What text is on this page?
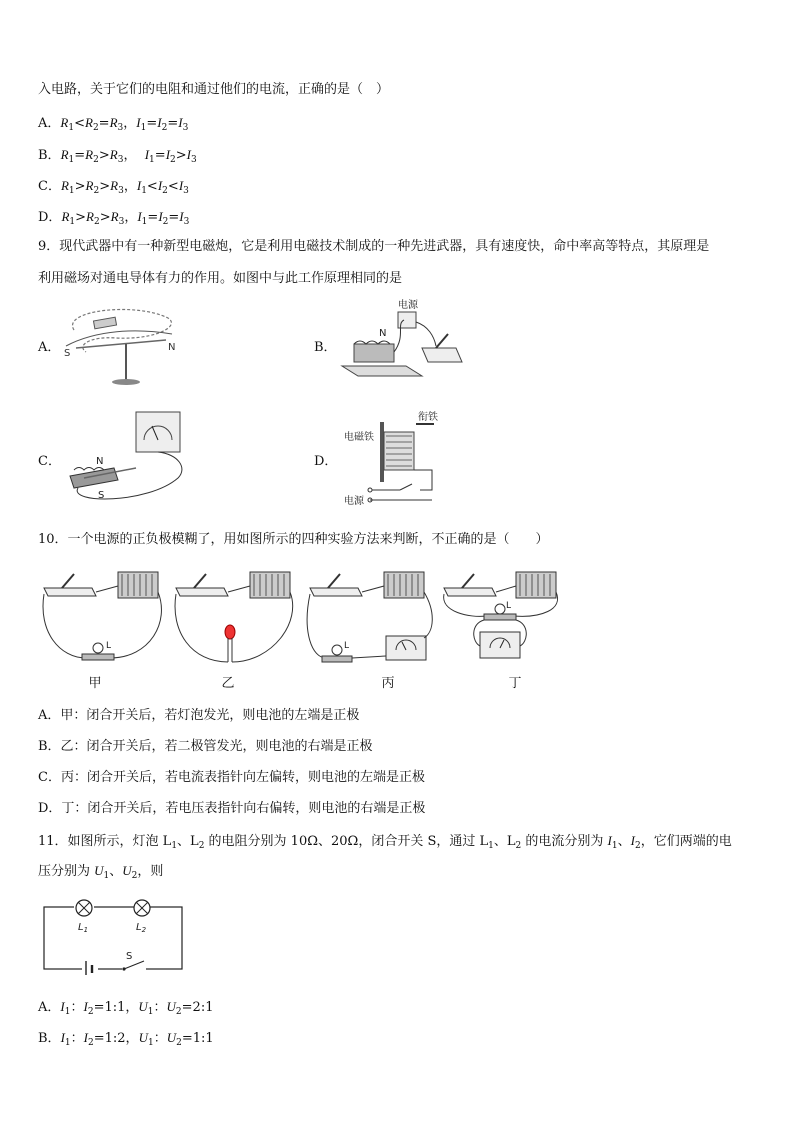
入电路，关于它们的电阻和通过他们的电流，正确的是（　）
A．$R_1<R_2=R_3$，$I_1=I_2=I_3$
B．$R_1=R_2>R_3$，  $I_1=I_2>I_3$
C．$R_1>R_2>R_3$，$I_1<I_2<I_3$
D．$R_1>R_2>R_3$，$I_1=I_2=I_3$
9．现代武器中有一种新型电磁炮，它是利用电磁技术制成的一种先进武器，具有速度快，命中率高等特点，其原理是
利用磁场对通电导体有力的作用。如图中与此工作原理相同的是
A． S
N	B．
N
电源
C．	N
S
D．
电磁铁
衔铁
电源
10．一个电源的正负极模糊了，用如图所示的四种实验方法来判断，不正确的是（　　）
L
甲	乙
L
丙
L
丁
A．甲：闭合开关后，若灯泡发光，则电池的左端是正极
B．乙：闭合开关后，若二极管发光，则电池的右端是正极
C．丙：闭合开关后，若电流表指针向左偏转，则电池的左端是正极
D．丁：闭合开关后，若电压表指针向右偏转，则电池的右端是正极
11．如图所示，灯泡 $L_1$、$L_2$ 的电阻分别为 10Ω、20Ω，闭合开关 S，通过 $L_1$、$L_2$ 的电流分别为 $I_1$、$I_2$，它们两端的电
压分别为 $U_1$、$U_2$，则
$L_1$	$L_2$
S
A．$I_1$：$I_2=1:1$，$U_1$：$U_2=2:1$
B．$I_1$：$I_2=1:2$，$U_1$：$U_2=1:1$
